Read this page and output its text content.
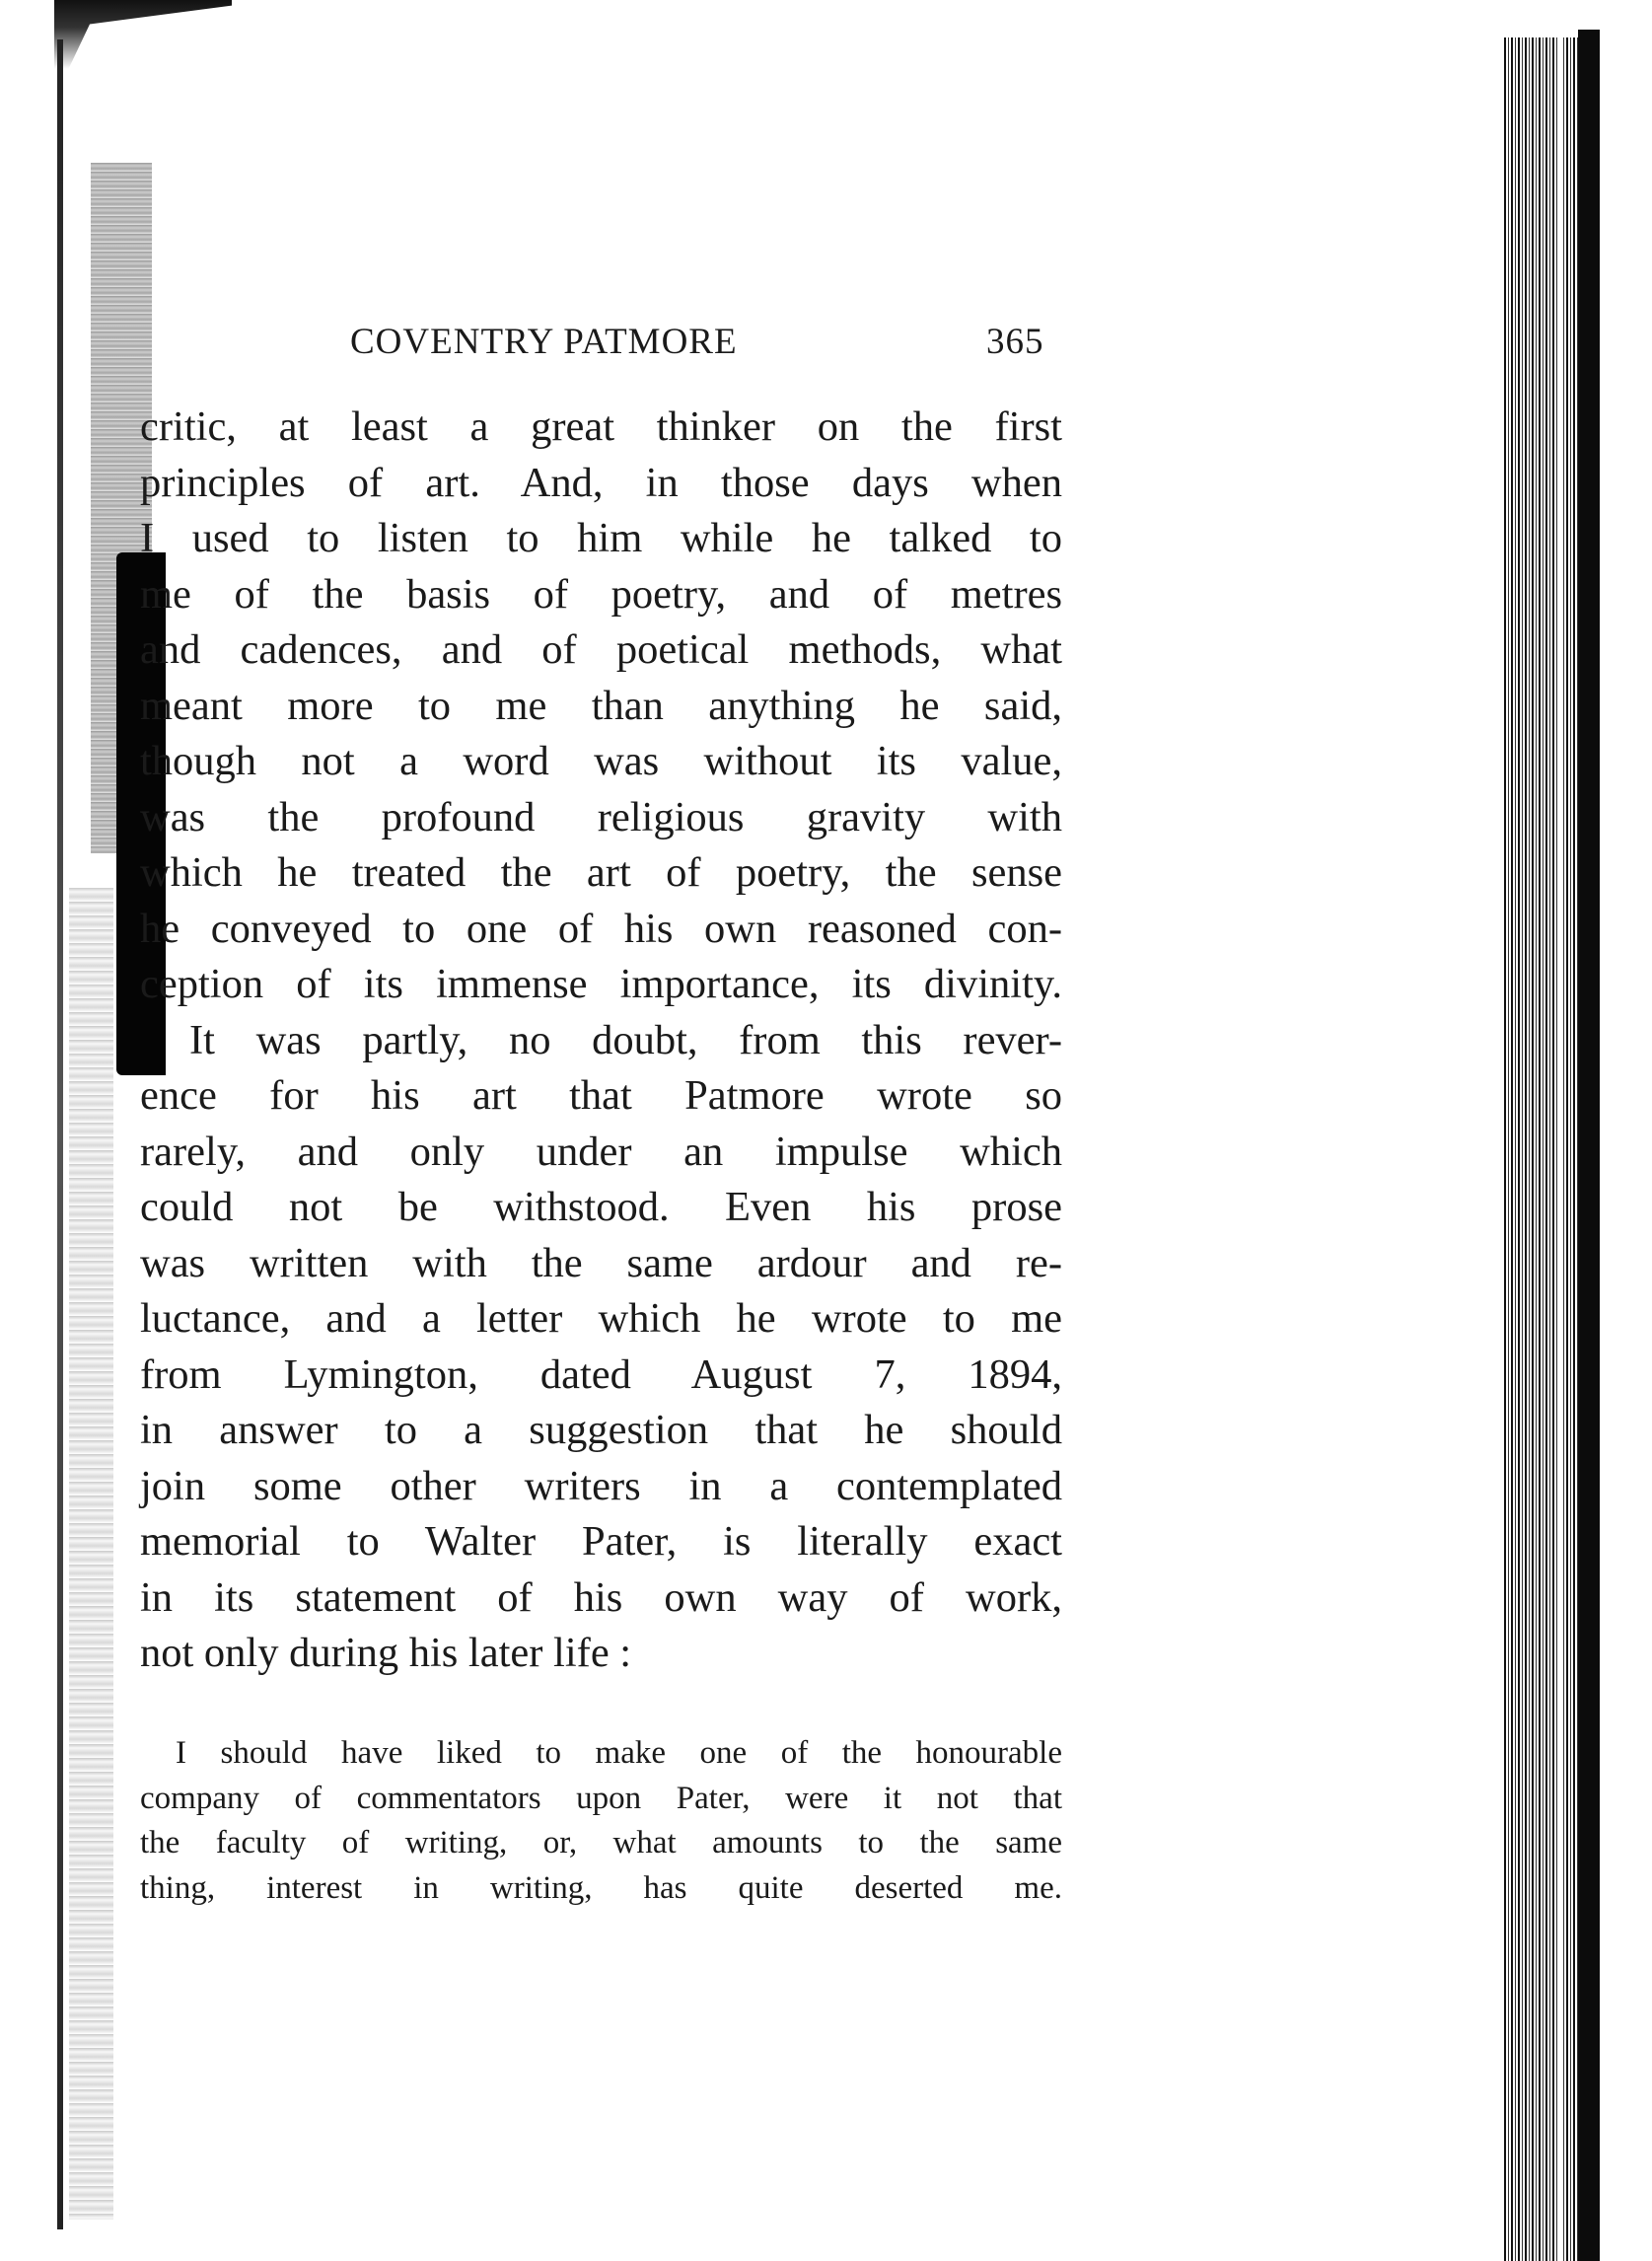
COVENTRY PATMORE	365
critic, at least a great thinker on the first
principles of art. And, in those days when
I used to listen to him while he talked to
me of the basis of poetry, and of metres
and cadences, and of poetical methods, what
meant more to me than anything he said,
though not a word was without its value,
was the profound religious gravity with
which he treated the art of poetry, the sense
he conveyed to one of his own reasoned con-
ception of its immense importance, its divinity.
It was partly, no doubt, from this rever-
ence for his art that Patmore wrote so
rarely, and only under an impulse which
could not be withstood. Even his prose
was written with the same ardour and re-
luctance, and a letter which he wrote to me
from Lymington, dated August 7, 1894,
in answer to a suggestion that he should
join some other writers in a contemplated
memorial to Walter Pater, is literally exact
in its statement of his own way of work,
not only during his later life :
I should have liked to make one of the honourable
company of commentators upon Pater, were it not that
the faculty of writing, or, what amounts to the same
thing, interest in writing, has quite deserted me.
